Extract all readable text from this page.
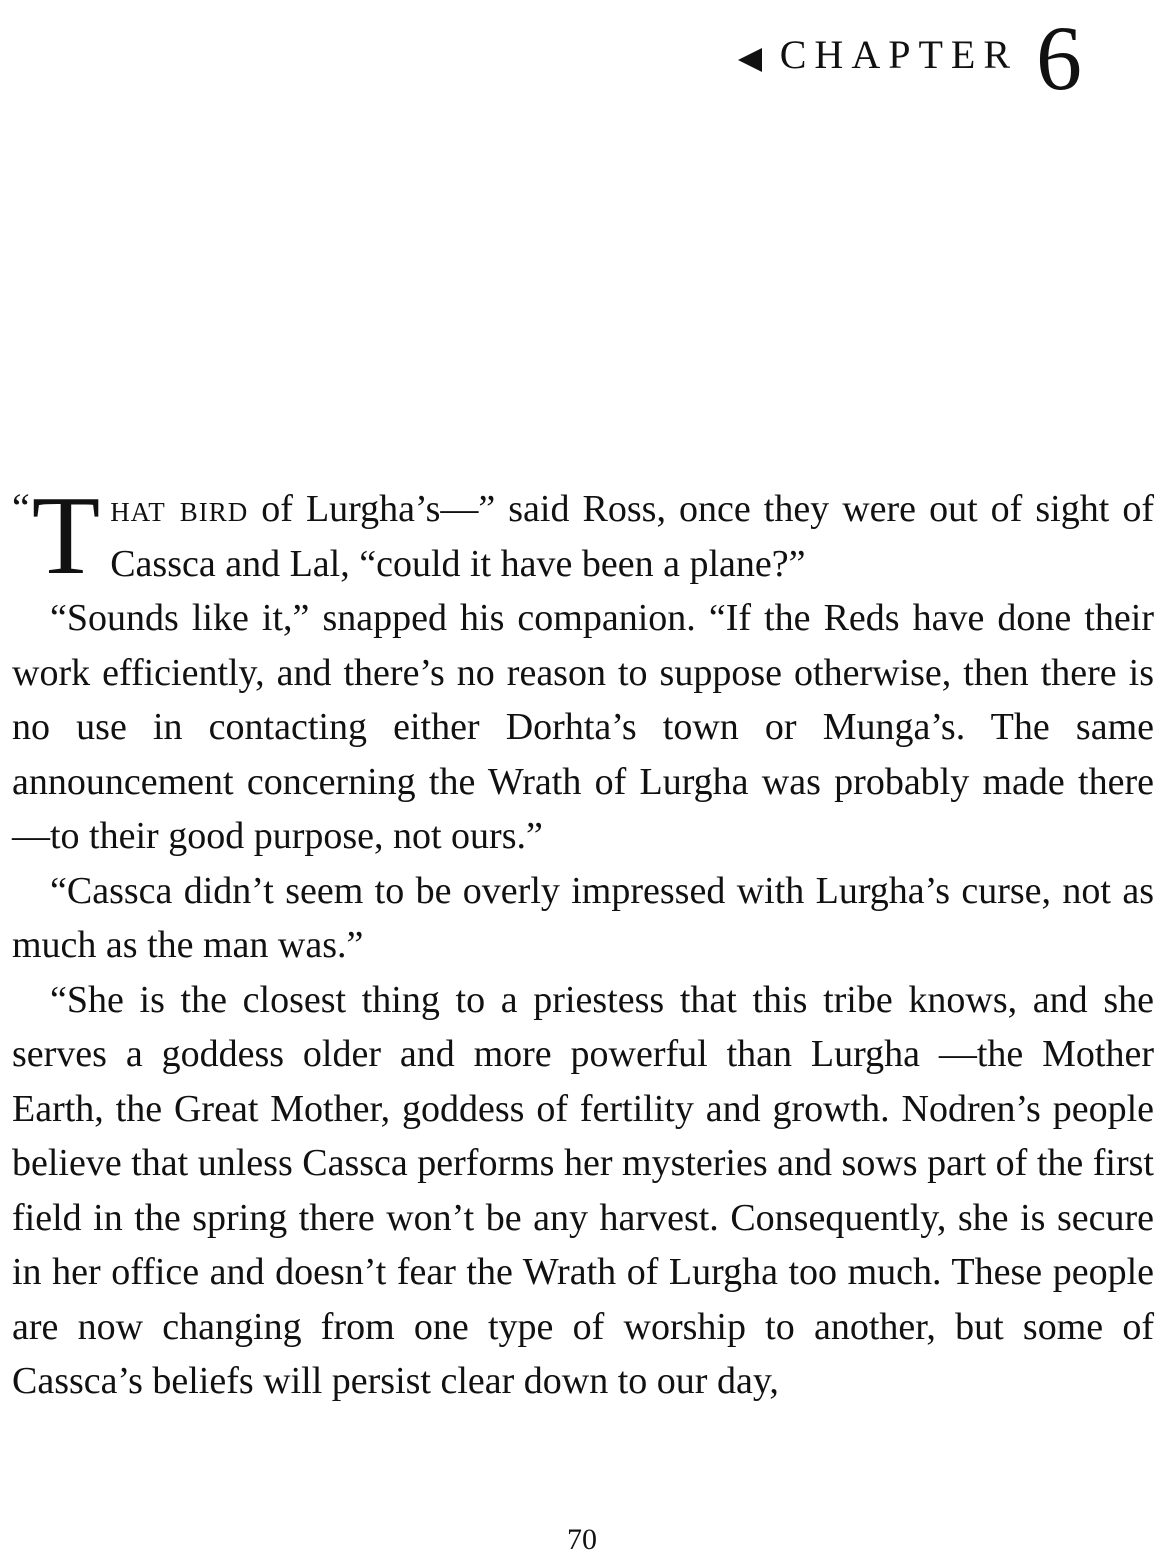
CHAPTER 6

“ T hat bird of Lurgha’s—” said Ross, once they were out of sight of Cassca and Lal, “could it have been a plane?”

“Sounds like it,” snapped his companion. “If the Reds have done their work efficiently, and there’s no reason to suppose otherwise, then there is no use in contacting either Dorhta’s town or Munga’s. The same announcement concerning the Wrath of Lurgha was probably made there—to their good purpose, not ours.”

“Cassca didn’t seem to be overly impressed with Lurgha’s curse, not as much as the man was.”

“She is the closest thing to a priestess that this tribe knows, and she serves a goddess older and more powerful than Lurgha —the Mother Earth, the Great Mother, goddess of fertility and growth. Nodren’s people believe that unless Cassca performs her mysteries and sows part of the first field in the spring there won’t be any harvest. Consequently, she is secure in her office and doesn’t fear the Wrath of Lurgha too much. These people are now changing from one type of worship to another, but some of Cassca’s beliefs will persist clear down to our day,

70
